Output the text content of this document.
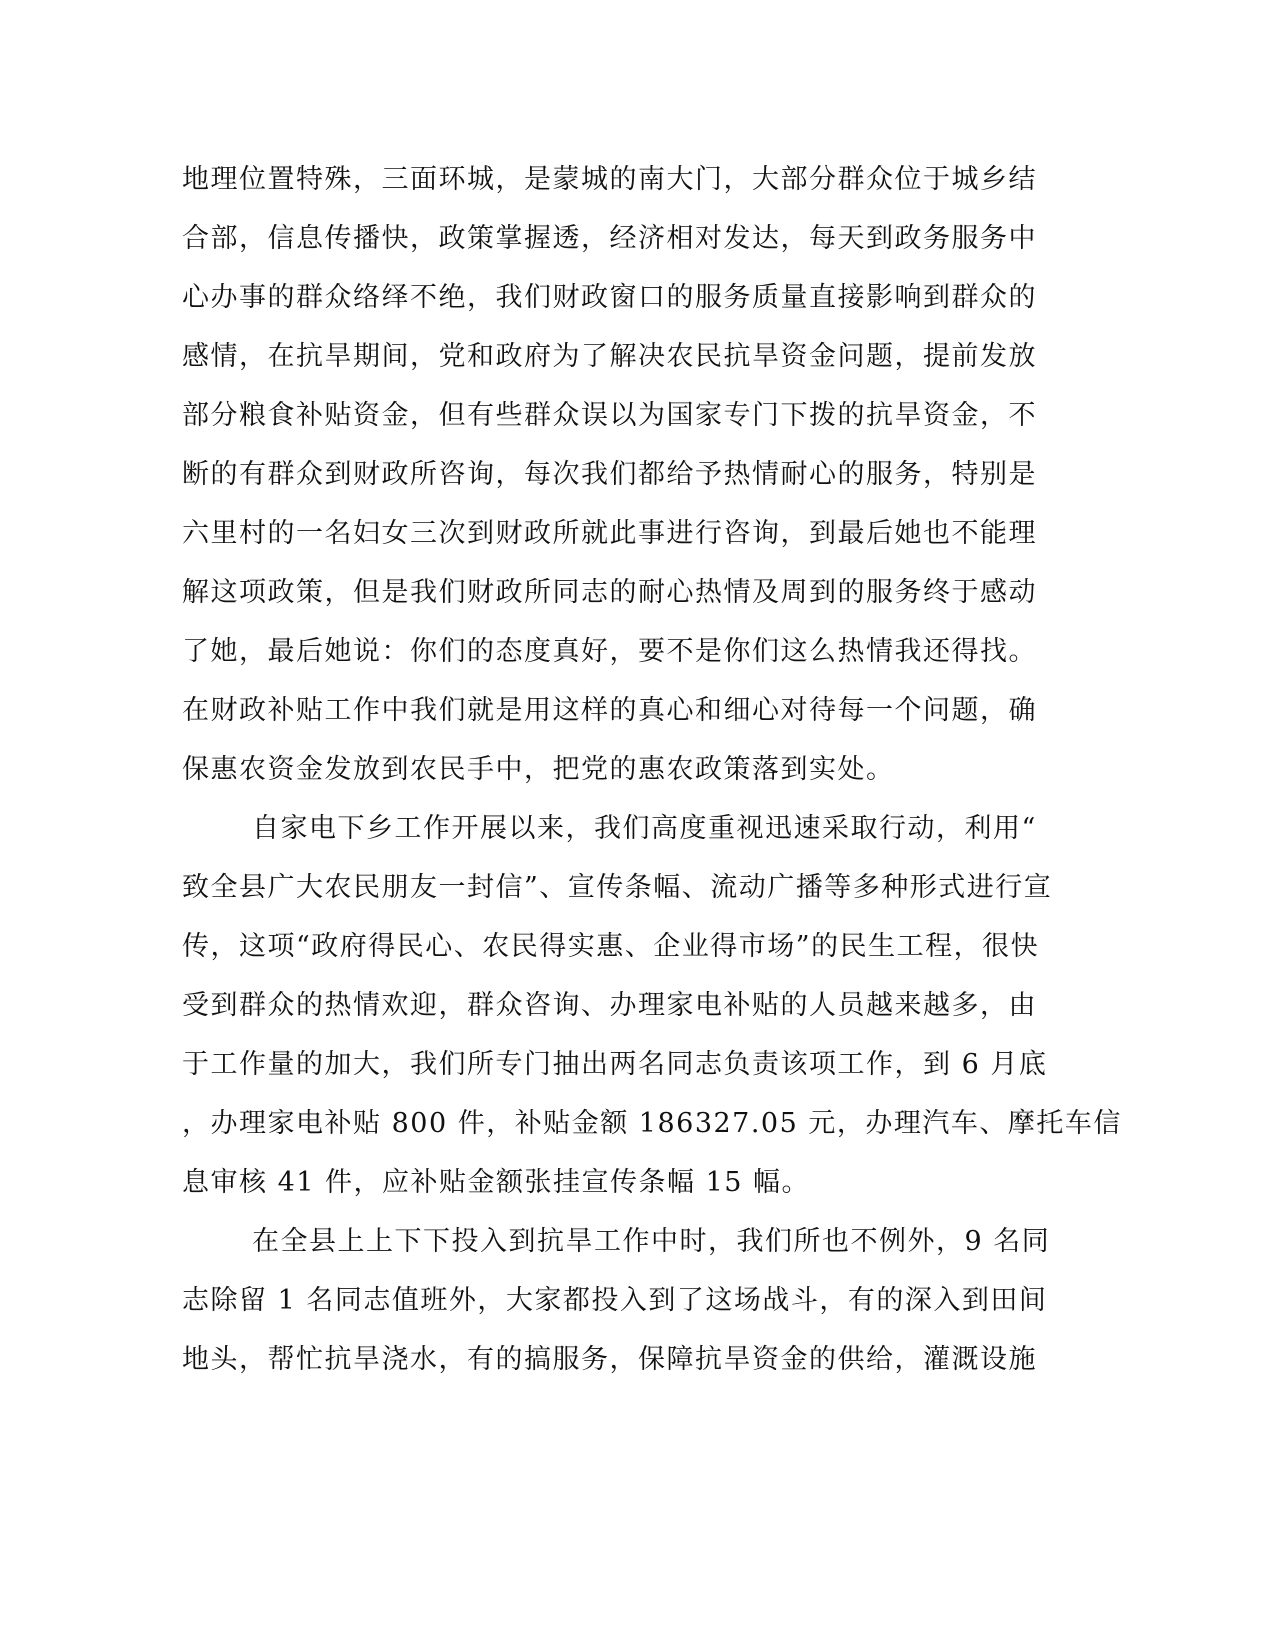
地理位置特殊，三面环城，是蒙城的南大门，大部分群众位于城乡结
合部，信息传播快，政策掌握透，经济相对发达，每天到政务服务中
心办事的群众络绎不绝，我们财政窗口的服务质量直接影响到群众的
感情，在抗旱期间，党和政府为了解决农民抗旱资金问题，提前发放
部分粮食补贴资金，但有些群众误以为国家专门下拨的抗旱资金，不
断的有群众到财政所咨询，每次我们都给予热情耐心的服务，特别是
六里村的一名妇女三次到财政所就此事进行咨询，到最后她也不能理
解这项政策，但是我们财政所同志的耐心热情及周到的服务终于感动
了她，最后她说：你们的态度真好，要不是你们这么热情我还得找。
在财政补贴工作中我们就是用这样的真心和细心对待每一个问题，确
保惠农资金发放到农民手中，把党的惠农政策落到实处。
自家电下乡工作开展以来，我们高度重视迅速采取行动，利用“
致全县广大农民朋友一封信”、宣传条幅、流动广播等多种形式进行宣
传，这项“政府得民心、农民得实惠、企业得市场”的民生工程，很快
受到群众的热情欢迎，群众咨询、办理家电补贴的人员越来越多，由
于工作量的加大，我们所专门抽出两名同志负责该项工作，到 6 月底
，办理家电补贴 800 件，补贴金额 186327.05 元，办理汽车、摩托车信
息审核 41 件，应补贴金额张挂宣传条幅 15 幅。
在全县上上下下投入到抗旱工作中时，我们所也不例外，9 名同
志除留 1 名同志值班外，大家都投入到了这场战斗，有的深入到田间
地头，帮忙抗旱浇水，有的搞服务，保障抗旱资金的供给，灌溉设施
